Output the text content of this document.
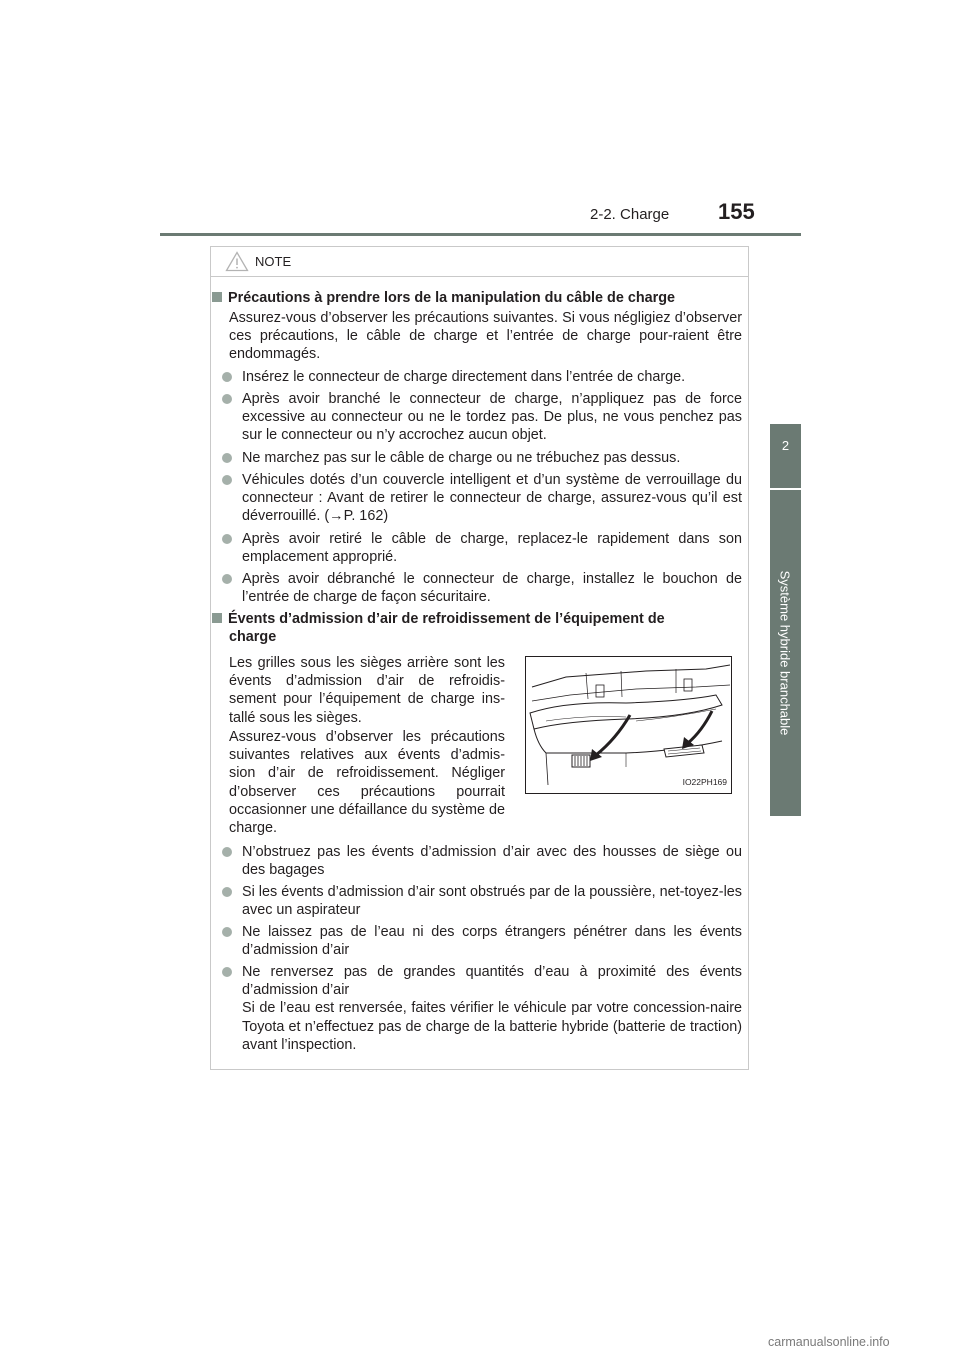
2-2. Charge 155
2
Système hybride branchable
NOTE
Précautions à prendre lors de la manipulation du câble de charge
Assurez-vous d’observer les précautions suivantes. Si vous négligiez d’observer ces précautions, le câble de charge et l’entrée de charge pour-raient être endommagés.
Insérez le connecteur de charge directement dans l’entrée de charge.
Après avoir branché le connecteur de charge, n’appliquez pas de force excessive au connecteur ou ne le tordez pas. De plus, ne vous penchez pas sur le connecteur ou n’y accrochez aucun objet.
Ne marchez pas sur le câble de charge ou ne trébuchez pas dessus.
Véhicules dotés d’un couvercle intelligent et d’un système de verrouillage du connecteur : Avant de retirer le connecteur de charge, assurez-vous qu’il est déverrouillé. (→P. 162)
Après avoir retiré le câble de charge, replacez-le rapidement dans son emplacement approprié.
Après avoir débranché le connecteur de charge, installez le bouchon de l’entrée de charge de façon sécuritaire.
Évents d’admission d’air de refroidissement de l’équipement de
charge
Les grilles sous les sièges arrière sont les évents d’admission d’air de refroidis-sement pour l’équipement de charge ins-tallé sous les sièges.
Assurez-vous d’observer les précautions suivantes relatives aux évents d’admis-sion d’air de refroidissement. Négliger d’observer ces précautions pourrait occasionner une défaillance du système de charge.
IO22PH169
N’obstruez pas les évents d’admission d’air avec des housses de siège ou des bagages
Si les évents d’admission d’air sont obstrués par de la poussière, net-toyez-les avec un aspirateur
Ne laissez pas de l’eau ni des corps étrangers pénétrer dans les évents d’admission d’air
Ne renversez pas de grandes quantités d’eau à proximité des évents d’admission d’air
Si de l’eau est renversée, faites vérifier le véhicule par votre concession-naire Toyota et n’effectuez pas de charge de la batterie hybride (batterie de traction) avant l’inspection.
carmanualsonline.info
